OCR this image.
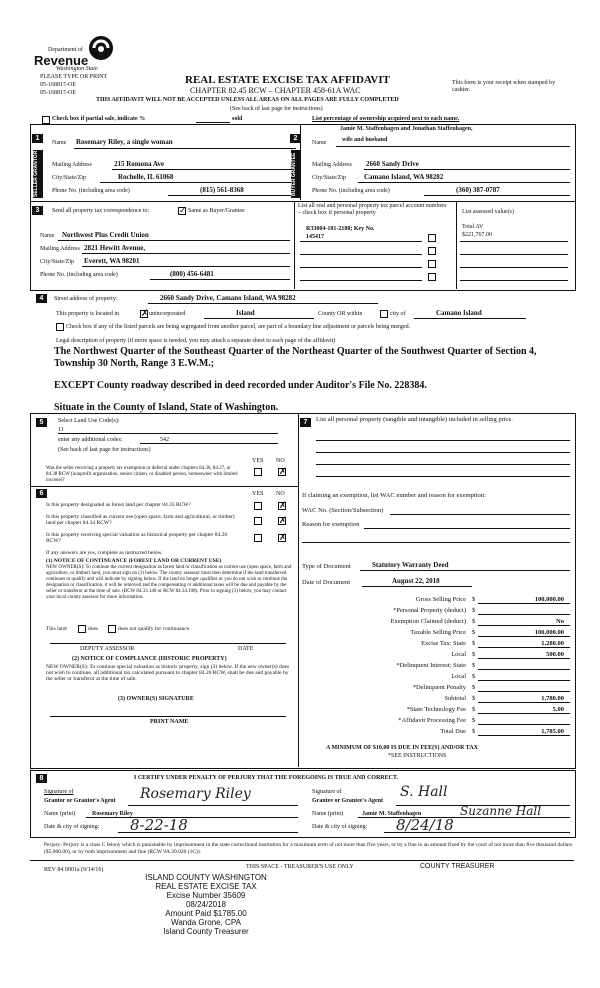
Department of
Revenue
Washington State
PLEASE TYPE OR PRINT
05-168817-OE
05-168817-OE
REAL ESTATE EXCISE TAX AFFIDAVIT
CHAPTER 82.45 RCW – CHAPTER 458-61A WAC
This form is your receipt when stamped by cashier.
THIS AFFIDAVIT WILL NOT BE ACCEPTED UNLESS ALL AREAS ON ALL PAGES ARE FULLY COMPLETED
(See back of last page for instructions)
Check box if partial sale, indicate %	sold	List percentage of ownership acquired next to each name.
SELLER GRANTOR
1
Name Rosemary Riley, a single woman
Mailing Address	215 Romona Ave
City/State/Zip	Rochelle, IL 61068
Phone No. (including area code)	(815) 561-8368	BUYER GRANTEE
2
Jamie M. Staffenhagen and Jonathan Staffenhagen,
Name	wife and husband
Mailing Address 2660 Sandy Drive
City/State/Zip	Camano Island, WA 98282
Phone No. (including area code)	(360) 387-0787
3	Send all property tax correspondence to:	✓ Same as Buyer/Grantee
Name Northwest Plus Credit Union
Mailing Address 2821 Hewitt Avenue,
City/State/Zip Everett, WA 98201
Phone No. (including area code)	(800) 456-6481
List all real and personal property tax parcel account numbers – check box if personal property	List assessed value(s)
R33004-181-2180; Key No.
145417
Total AV
$221,767.00
4	Street address of property:	2660 Sandy Drive, Camano Island, WA 98282
This property is located in ✗ unincorporated	Island	County OR within	city of	Camano Island
Check box if any of the listed parcels are being segregated from another parcel, are part of a boundary line adjustment or parcels being merged.
Legal description of property (if more space is needed, you may attach a separate sheet to each page of the affidavit)
The Northwest Quarter of the Southeast Quarter of the Northeast Quarter of the Southwest Quarter of Section 4, Township 30 North, Range 3 E.W.M.;
EXCEPT County roadway described in deed recorded under Auditor's File No. 228384.
Situate in the County of Island, State of Washington.
5	Select Land Use Code(s):
11
enter any additional codes:	542
(See back of last page for instructions)
YES NO
Was the seller receiving a property tax exemption or deferral under chapters 84.36, 84.37, or 84.38 RCW (nonprofit organization, senior citizen, or disabled person, homeowner with limited income)?
✗
6	YES NO
Is this property designated as forest land per chapter 84.33 RCW?	✗
Is this property classified as current use (open space, farm and agricultural, or timber) land per chapter 84.34 RCW?	✗
Is this property receiving special valuation as historical property per chapter 84.26 RCW?	✗
If any answers are yes, complete as instructed below.
(1) NOTICE OF CONTINUANCE (FOREST LAND OR CURRENT USE)
NEW OWNER(S): To continue the current designation as forest land or classification as current use (open space, farm and agriculture, or timber) land, you must sign on (3) below. The county assessor must then determine if the land transferred continues to qualify and will indicate by signing below. If the land no longer qualifies or you do not wish to continue the designation or classification, it will be removed and the compensating or additional taxes will be due and payable by the seller or transferor at the time of sale. (RCW 84.33.140 or RCW 84.34.108). Prior to signing (3) below, you may contact your local county assessor for more information.
This land	does	does not qualify for continuance.
DEPUTY ASSESSOR	DATE
(2) NOTICE OF COMPLIANCE (HISTORIC PROPERTY)
NEW OWNER(S): To continue special valuation as historic property, sign (3) below. If the new owner(s) does not wish to continue, all additional tax calculated pursuant to chapter 84.26 RCW, shall be due and payable by the seller or transferor at the time of sale.
(3) OWNER(S) SIGNATURE
PRINT NAME
7	List all personal property (tangible and intangible) included in selling price.
If claiming an exemption, list WAC number and reason for exemption:
WAC No. (Section/Subsection)
Reason for exemption
Type of Document	Statutory Warranty Deed
Date of Document	August 22, 2018
Gross Selling Price $	100,000.00
*Personal Property (deduct) $
Exemption Claimed (deduct) $	No
Taxable Selling Price $	100,000.00
Excise Tax: State $	1,280.00
Local $	500.00
*Delinquent Interest: State $
Local $
*Delinquent Penalty $
Subtotal $	1,780.00
*State Technology Fee $	5.00
*Affidavit Processing Fee $
Total Due $	1,785.00
A MINIMUM OF $10.00 IS DUE IN FEE(S) AND/OR TAX
*SEE INSTRUCTIONS
8	I CERTIFY UNDER PENALTY OF PERJURY THAT THE FOREGOING IS TRUE AND CORRECT.
Signature of
Grantor or Grantor's Agent Rosemary Riley
Name (print)	Rosemary Riley
Date & city of signing: 8-22-18
Signature of
Grantee or Grantee's Agent
S. Hall
Name (print)	Jamie M. Staffenhagen	Suzanne Hall
Date & city of signing: 8/24/18
Perjury: Perjury is a class C felony which is punishable by imprisonment in the state correctional institution for a maximum term of not more than five years, or by a fine in an amount fixed by the court of not more than five thousand dollars ($5,000.00), or by both imprisonment and fine (RCW 9A.20.020 (1C)).
REV 84 0001a (9/14/16)	THIS SPACE - TREASURER'S USE ONLY	COUNTY TREASURER
ISLAND COUNTY WASHINGTON
REAL ESTATE EXCISE TAX
Excise Number 35609
08/24/2018
Amount Paid $1785.00
Wanda Grone, CPA
Island County Treasurer
